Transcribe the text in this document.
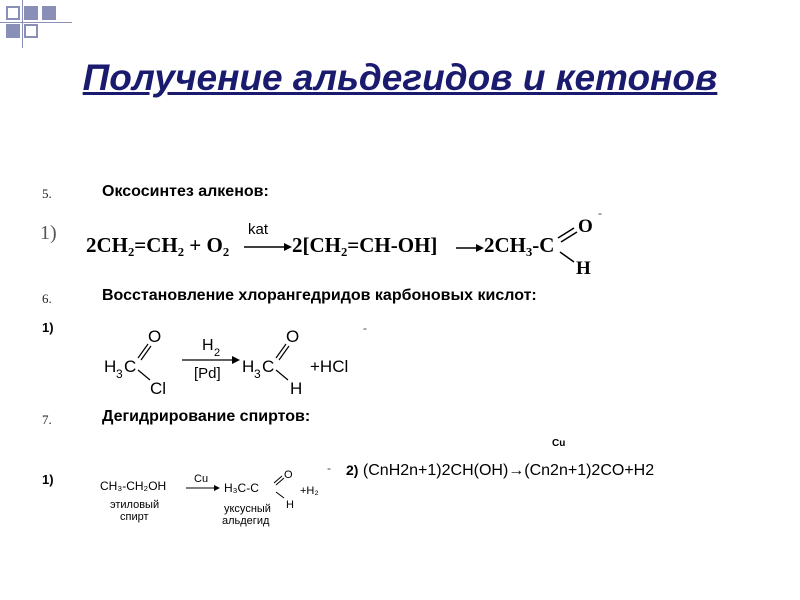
Получение альдегидов и кетонов
5.	Оксосинтез алкенов:
1)
-
2CH₂=CH₂ + O₂
kat
2[CH₂=CH-OH] 2CH₃-C
O
H
6.	Восстановление хлорангедридов карбоновых кислот:
1)	-
H 3 C
O
Cl
H 2
[Pd] H 3 C
O
H
+HCl
7.	Дегидрирование спиртов:
1)
-
CH₃-CH₂OH
этиловый
спирт
Cu
H₃C-C
O
H
+H₂
уксусный
альдегид
Cu
2) (CnH2n+1)2CH(OH)→(Cn2n+1)2CO+H2
